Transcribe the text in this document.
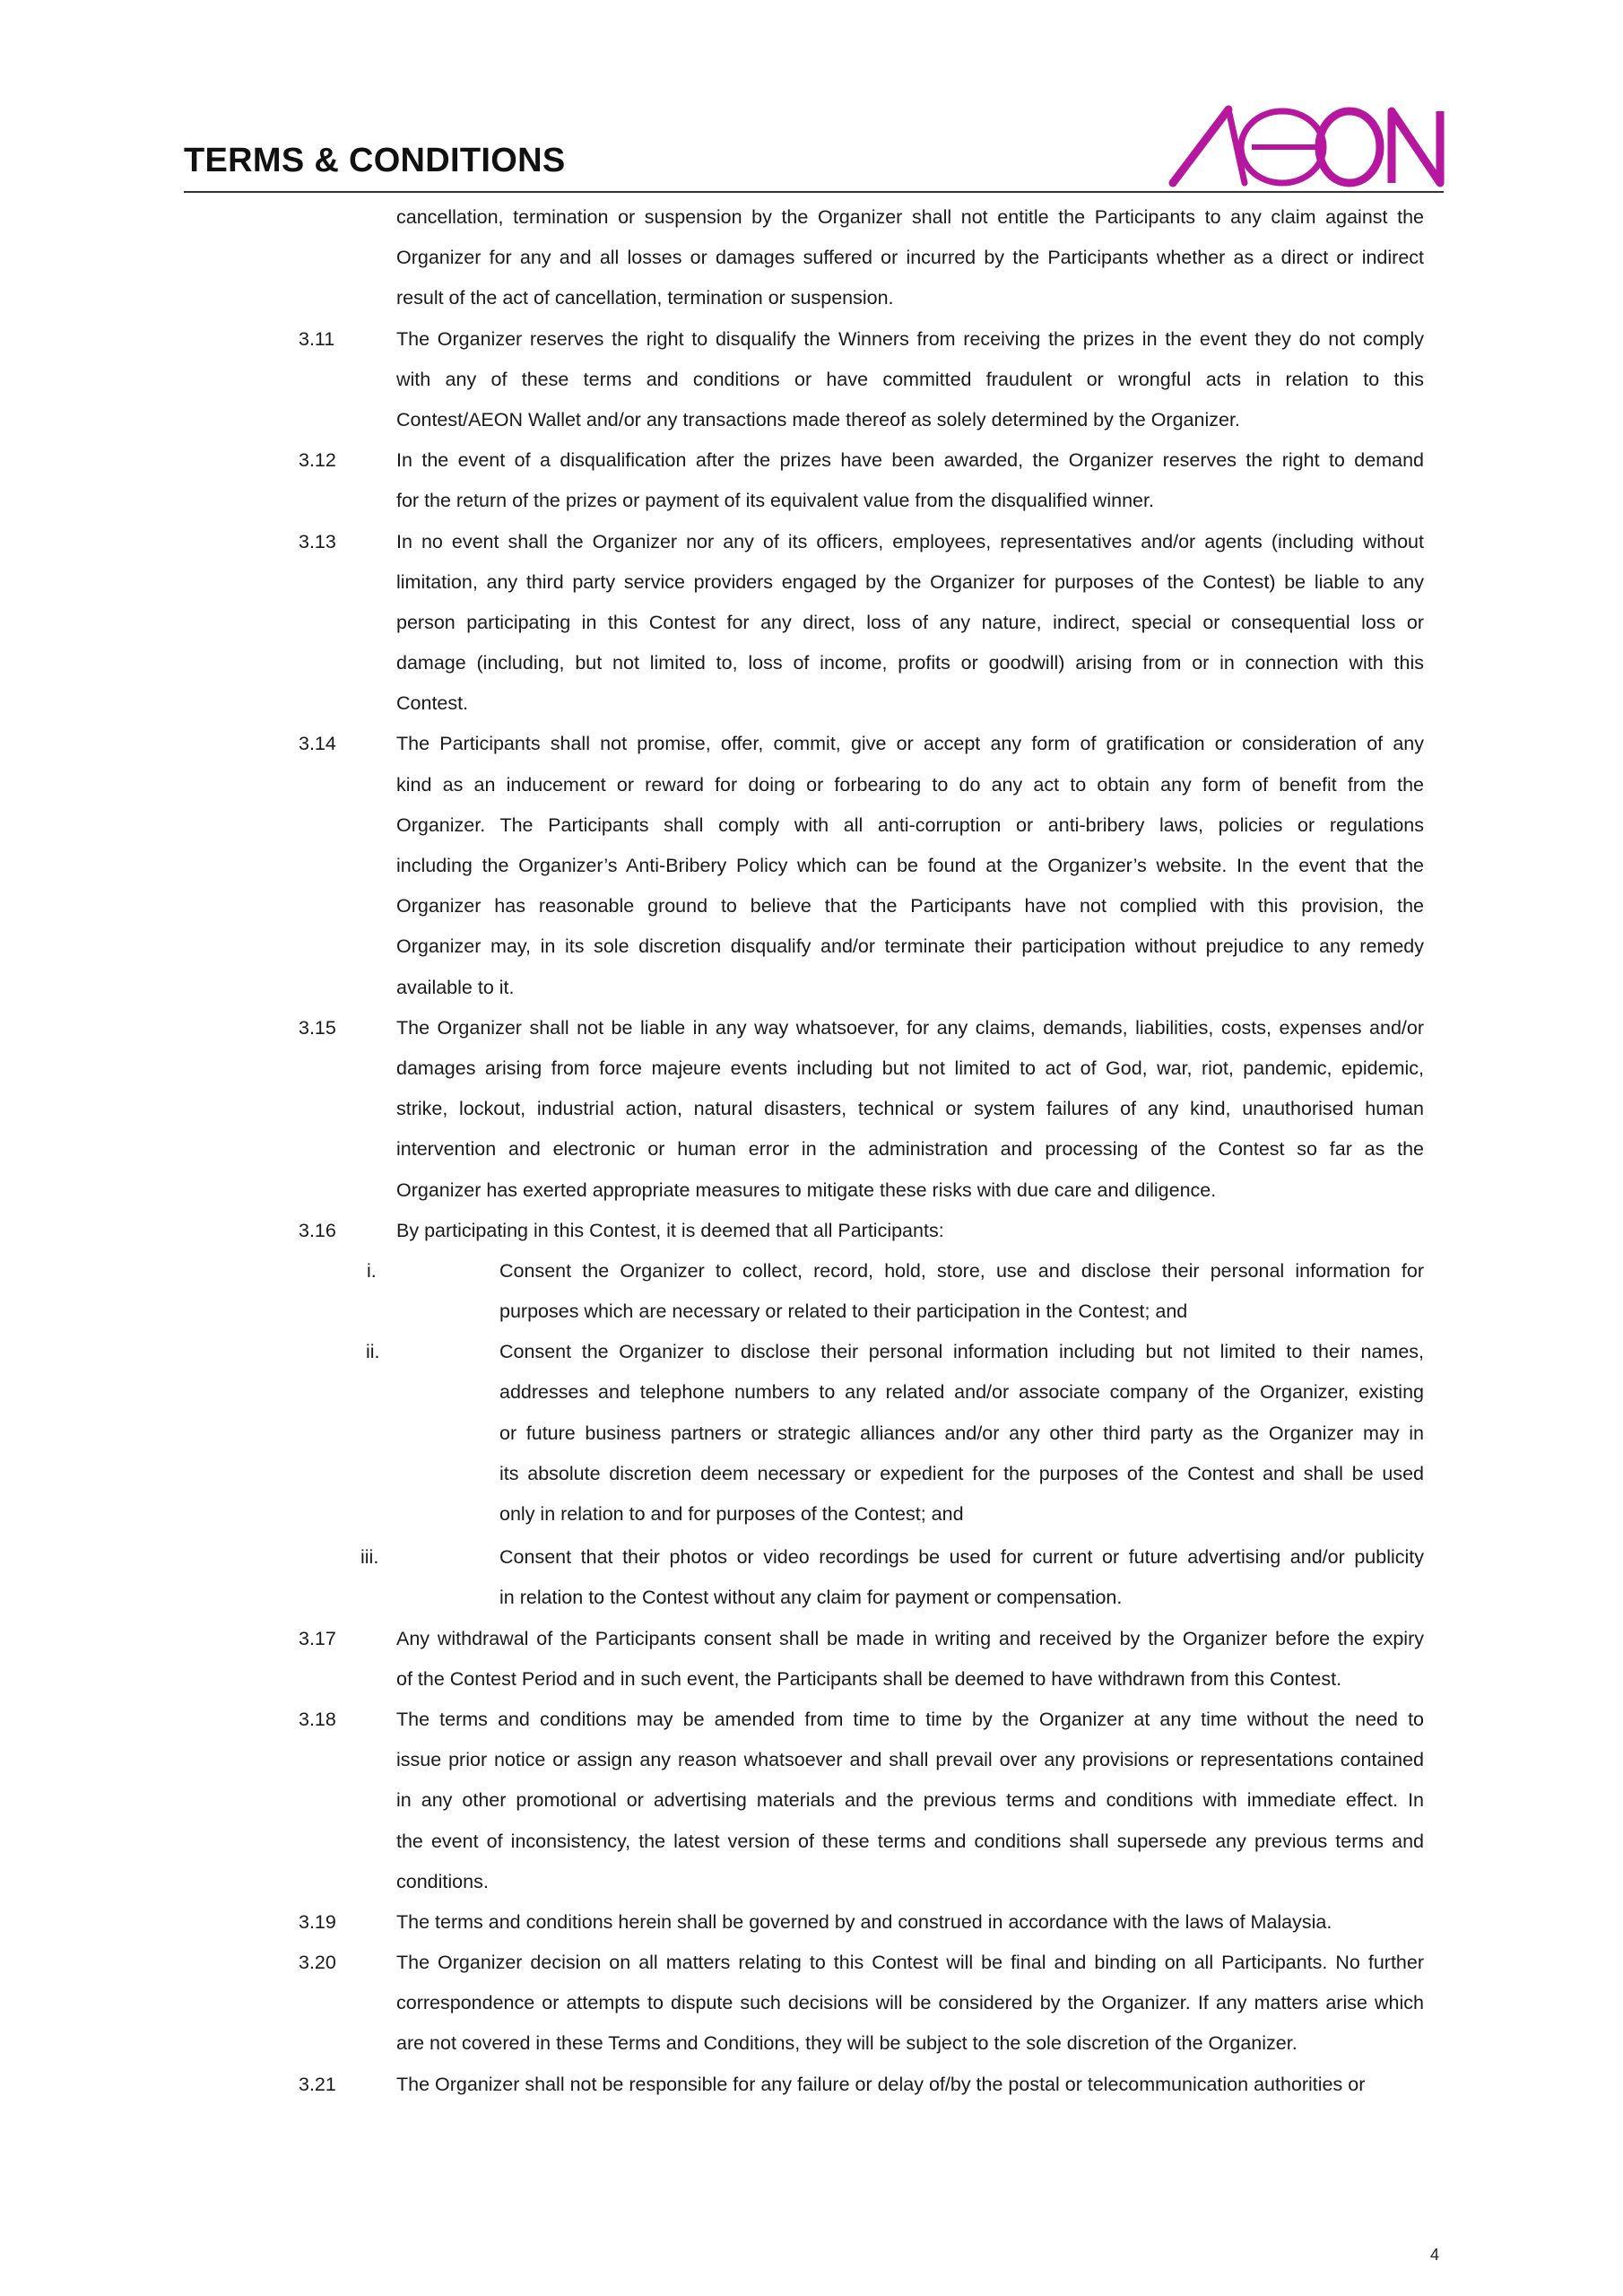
TERMS & CONDITIONS
cancellation, termination or suspension by the Organizer shall not entitle the Participants to any claim against the
Organizer for any and all losses or damages suffered or incurred by the Participants whether as a direct or indirect
result of the act of cancellation, termination or suspension.
3.11	The Organizer reserves the right to disqualify the Winners from receiving the prizes in the event they do not comply
with any of these terms and conditions or have committed fraudulent or wrongful acts in relation to this
Contest/AEON Wallet and/or any transactions made thereof as solely determined by the Organizer.
3.12	In the event of a disqualification after the prizes have been awarded, the Organizer reserves the right to demand
for the return of the prizes or payment of its equivalent value from the disqualified winner.
3.13	In no event shall the Organizer nor any of its officers, employees, representatives and/or agents (including without
limitation, any third party service providers engaged by the Organizer for purposes of the Contest) be liable to any
person participating in this Contest for any direct, loss of any nature, indirect, special or consequential loss or
damage (including, but not limited to, loss of income, profits or goodwill) arising from or in connection with this
Contest.
3.14	The Participants shall not promise, offer, commit, give or accept any form of gratification or consideration of any
kind as an inducement or reward for doing or forbearing to do any act to obtain any form of benefit from the
Organizer. The Participants shall comply with all anti-corruption or anti-bribery laws, policies or regulations
including the Organizer’s Anti-Bribery Policy which can be found at the Organizer’s website. In the event that the
Organizer has reasonable ground to believe that the Participants have not complied with this provision, the
Organizer may, in its sole discretion disqualify and/or terminate their participation without prejudice to any remedy
available to it.
3.15	The Organizer shall not be liable in any way whatsoever, for any claims, demands, liabilities, costs, expenses and/or
damages arising from force majeure events including but not limited to act of God, war, riot, pandemic, epidemic,
strike, lockout, industrial action, natural disasters, technical or system failures of any kind, unauthorised human
intervention and electronic or human error in the administration and processing of the Contest so far as the
Organizer has exerted appropriate measures to mitigate these risks with due care and diligence.
3.16	By participating in this Contest, it is deemed that all Participants:
i.	Consent the Organizer to collect, record, hold, store, use and disclose their personal information for
purposes which are necessary or related to their participation in the Contest; and
ii.	Consent the Organizer to disclose their personal information including but not limited to their names,
addresses and telephone numbers to any related and/or associate company of the Organizer, existing
or future business partners or strategic alliances and/or any other third party as the Organizer may in
its absolute discretion deem necessary or expedient for the purposes of the Contest and shall be used
only in relation to and for purposes of the Contest; and
iii.	Consent that their photos or video recordings be used for current or future advertising and/or publicity
in relation to the Contest without any claim for payment or compensation.
3.17	Any withdrawal of the Participants consent shall be made in writing and received by the Organizer before the expiry
of the Contest Period and in such event, the Participants shall be deemed to have withdrawn from this Contest.
3.18	The terms and conditions may be amended from time to time by the Organizer at any time without the need to
issue prior notice or assign any reason whatsoever and shall prevail over any provisions or representations contained
in any other promotional or advertising materials and the previous terms and conditions with immediate effect. In
the event of inconsistency, the latest version of these terms and conditions shall supersede any previous terms and
conditions.
3.19	The terms and conditions herein shall be governed by and construed in accordance with the laws of Malaysia.
3.20	The Organizer decision on all matters relating to this Contest will be final and binding on all Participants. No further
correspondence or attempts to dispute such decisions will be considered by the Organizer. If any matters arise which
are not covered in these Terms and Conditions, they will be subject to the sole discretion of the Organizer.
3.21	The Organizer shall not be responsible for any failure or delay of/by the postal or telecommunication authorities or
4
